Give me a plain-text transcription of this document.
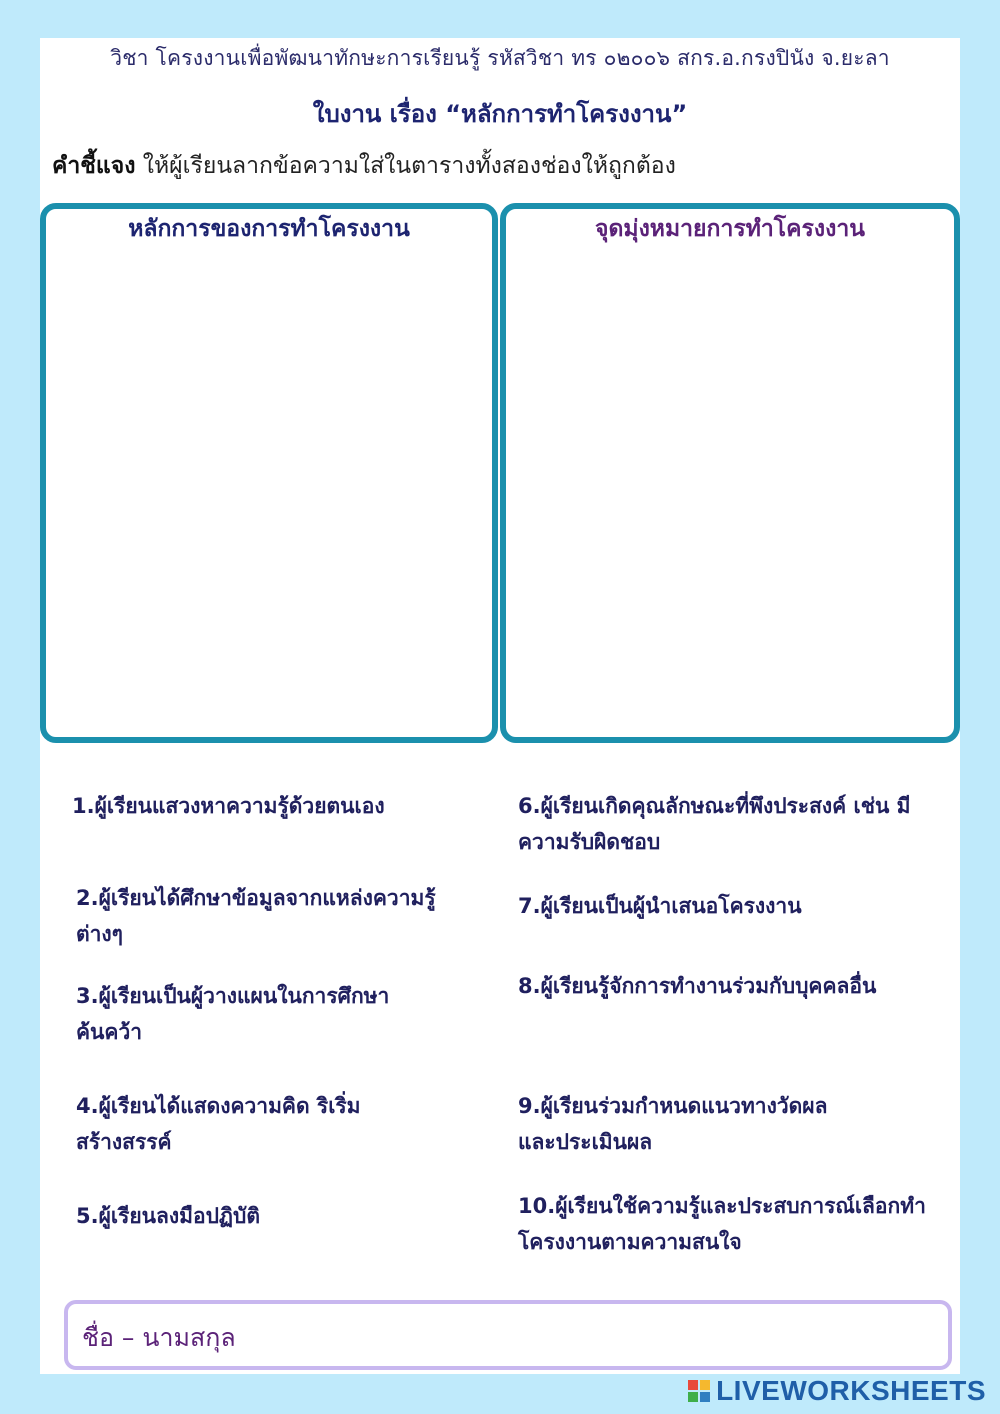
วิชา โครงงานเพื่อพัฒนาทักษะการเรียนรู้ รหัสวิชา ทร ๐๒๐๐๖ สกร.อ.กรงปินัง จ.ยะลา
ใบงาน เรื่อง “หลักการทำโครงงาน”
คำชี้แจง ให้ผู้เรียนลากข้อความใส่ในตารางทั้งสองช่องให้ถูกต้อง
หลักการของการทำโครงงาน	จุดมุ่งหมายการทำโครงงาน
1.ผู้เรียนแสวงหาความรู้ด้วยตนเอง
2.ผู้เรียนได้ศึกษาข้อมูลจากแหล่งความรู้ต่างๆ
3.ผู้เรียนเป็นผู้วางแผนในการศึกษา ค้นคว้า
4.ผู้เรียนได้แสดงความคิด ริเริ่มสร้างสรรค์
5.ผู้เรียนลงมือปฏิบัติ
6.ผู้เรียนเกิดคุณลักษณะที่พึงประสงค์ เช่น มีความรับผิดชอบ
7.ผู้เรียนเป็นผู้นำเสนอโครงงาน
8.ผู้เรียนรู้จักการทำงานร่วมกับบุคคลอื่น
9.ผู้เรียนร่วมกำหนดแนวทางวัดผล และประเมินผล
10.ผู้เรียนใช้ความรู้และประสบการณ์เลือกทำโครงงานตามความสนใจ
ชื่อ – นามสกุล
LIVEWORKSHEETS
